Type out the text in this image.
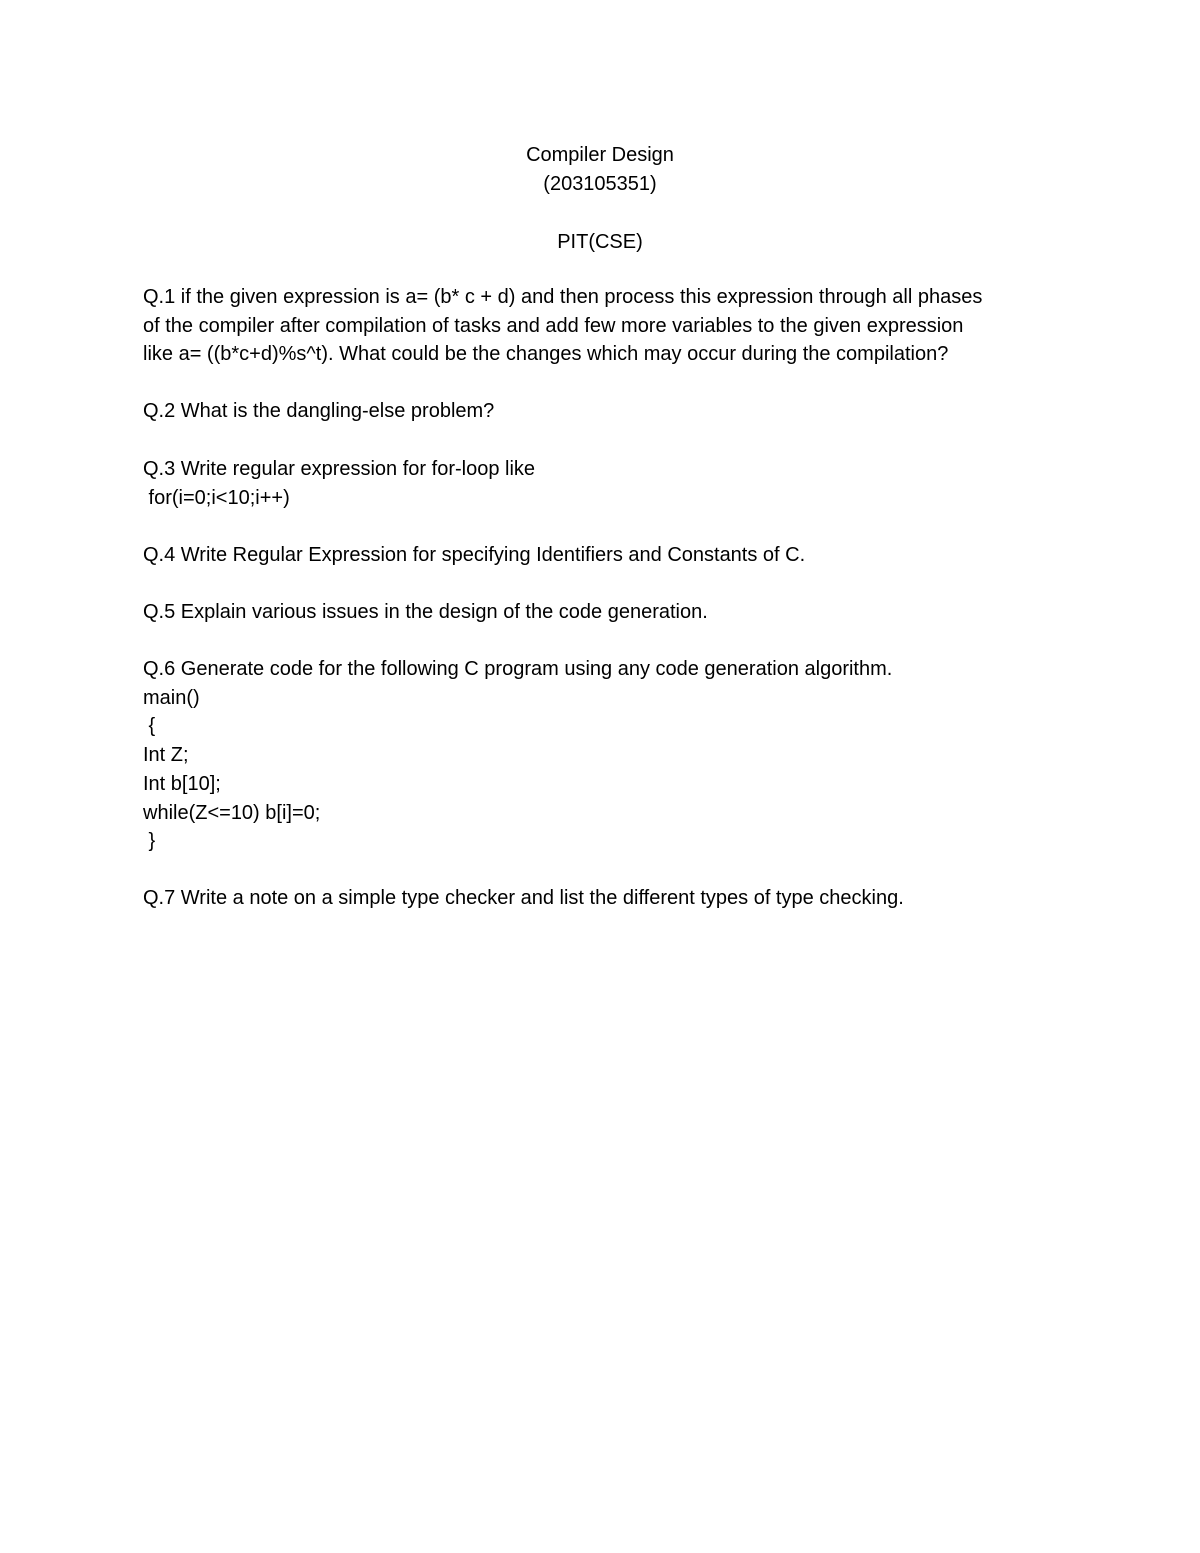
Compiler Design
(203105351)
PIT(CSE)
Q.1 if the given expression is a= (b* c + d) and then process this expression through all phases
of the compiler after compilation of tasks and add few more variables to the given expression
like a= ((b*c+d)%s^t). What could be the changes which may occur during the compilation?
Q.2 What is the dangling-else problem?
Q.3 Write regular expression for for-loop like
for(i=0;i<10;i++)
Q.4 Write Regular Expression for specifying Identifiers and Constants of C.
Q.5 Explain various issues in the design of the code generation.
Q.6 Generate code for the following C program using any code generation algorithm.
main()
{
Int Z;
Int b[10];
while(Z<=10) b[i]=0;
}
Q.7 Write a note on a simple type checker and list the different types of type checking.
